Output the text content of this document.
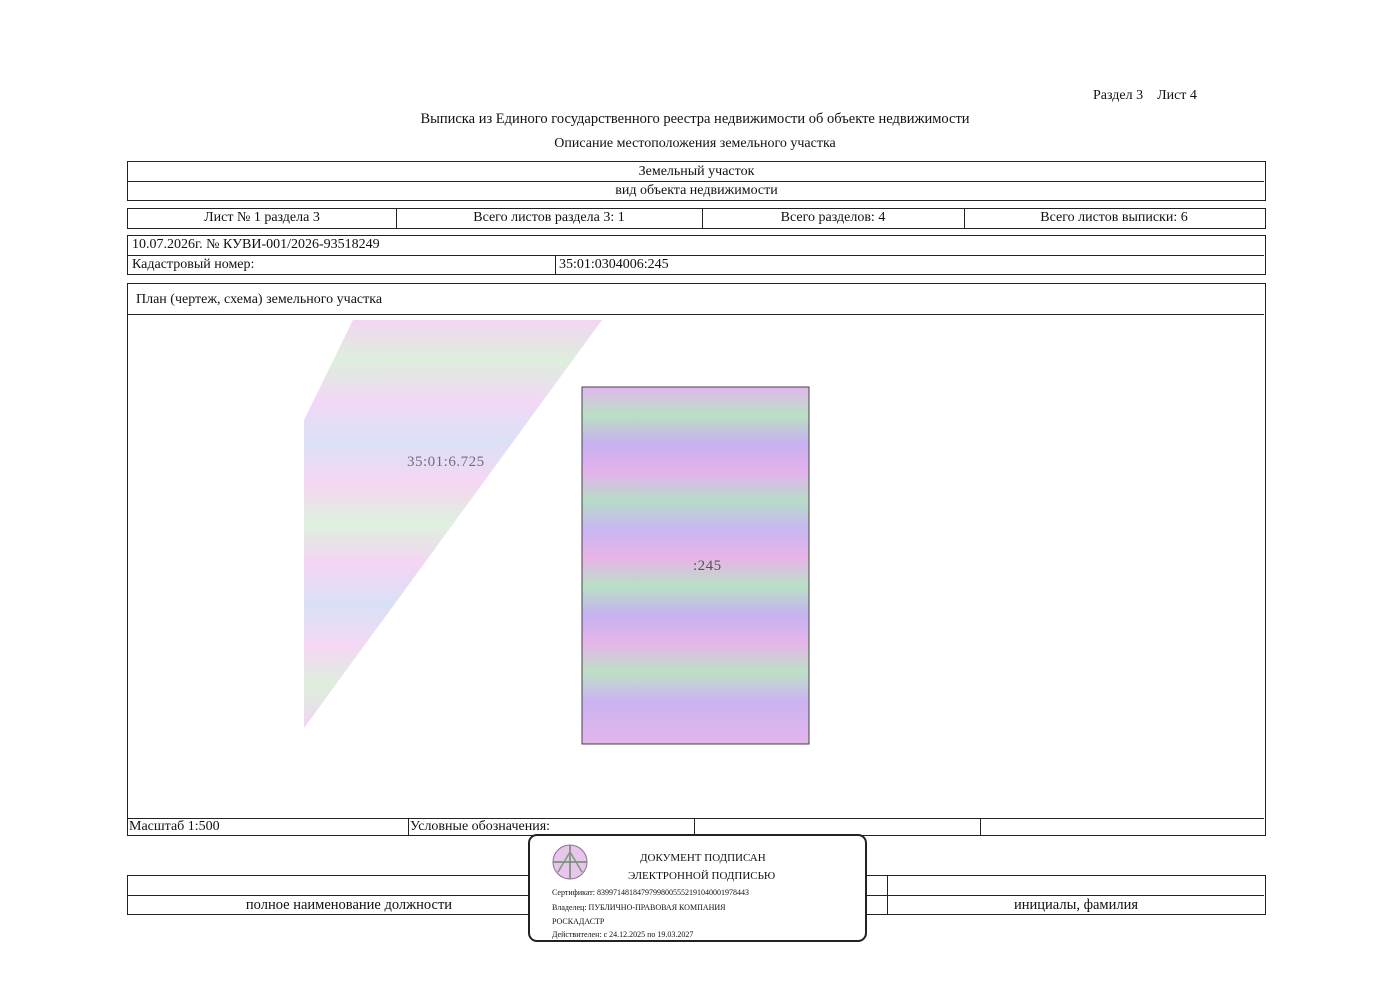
Раздел 3    Лист 4
Выписка из Единого государственного реестра недвижимости об объекте недвижимости
Описание местоположения земельного участка
Земельный участок
вид объекта недвижимости
Лист № 1 раздела 3	Всего листов раздела 3: 1	Всего разделов: 4	Всего листов выписки: 6
10.07.2026г. № КУВИ-001/2026-93518249
Кадастровый номер:	35:01:0304006:245
План (чертеж, схема) земельного участка
Масштаб 1:500	Условные обозначения:
35:01:6.725
:245
полное наименование должности	инициалы, фамилия
ДОКУМЕНТ ПОДПИСАН
ЭЛЕКТРОННОЙ ПОДПИСЬЮ
Сертификат: 8399714818479799800555219104000197844З
Владелец: ПУБЛИЧНО-ПРАВОВАЯ КОМПАНИЯ
РОСКАДАСТР
Действителен: с 24.12.2025 по 19.03.2027
